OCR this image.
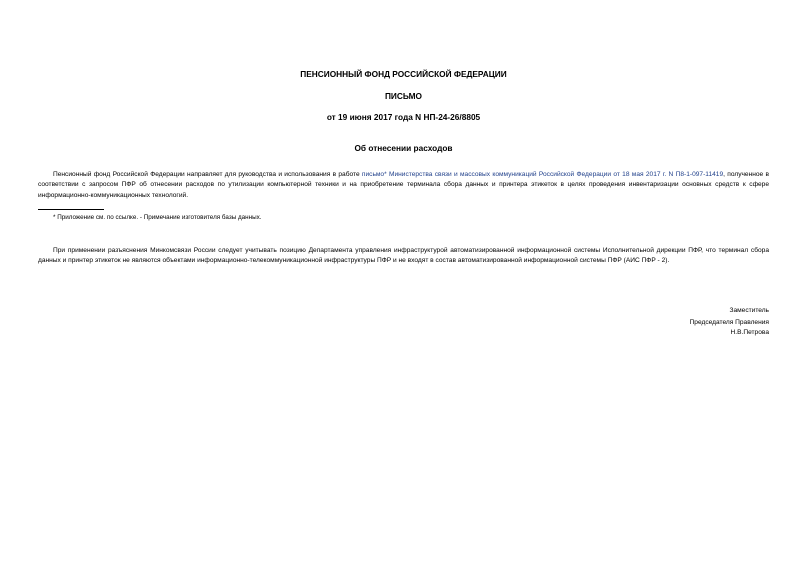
ПЕНСИОННЫЙ ФОНД РОССИЙСКОЙ ФЕДЕРАЦИИ
ПИСЬМО
от 19 июня 2017 года N НП-24-26/8805
Об отнесении расходов
Пенсионный фонд Российской Федерации направляет для руководства и использования в работе письмо* Министерства связи и массовых коммуникаций Российской Федерации от 18 мая 2017 г. N П8-1-097-11419, полученное в соответствии с запросом ПФР об отнесении расходов по утилизации компьютерной техники и на приобретение терминала сбора данных и принтера этикеток в целях проведения инвентаризации основных средств к сфере информационно-коммуникационных технологий.
* Приложение см. по ссылке. - Примечание изготовителя базы данных.
При применении разъяснения Минкомсвязи России следует учитывать позицию Департамента управления инфраструктурой автоматизированной информационной системы Исполнительной дирекции ПФР, что терминал сбора данных и принтер этикеток не являются объектами информационно-телекоммуникационной инфраструктуры ПФР и не входят в состав автоматизированной информационной системы ПФР (АИС ПФР - 2).
Заместитель
Председателя Правления
Н.В.Петрова
